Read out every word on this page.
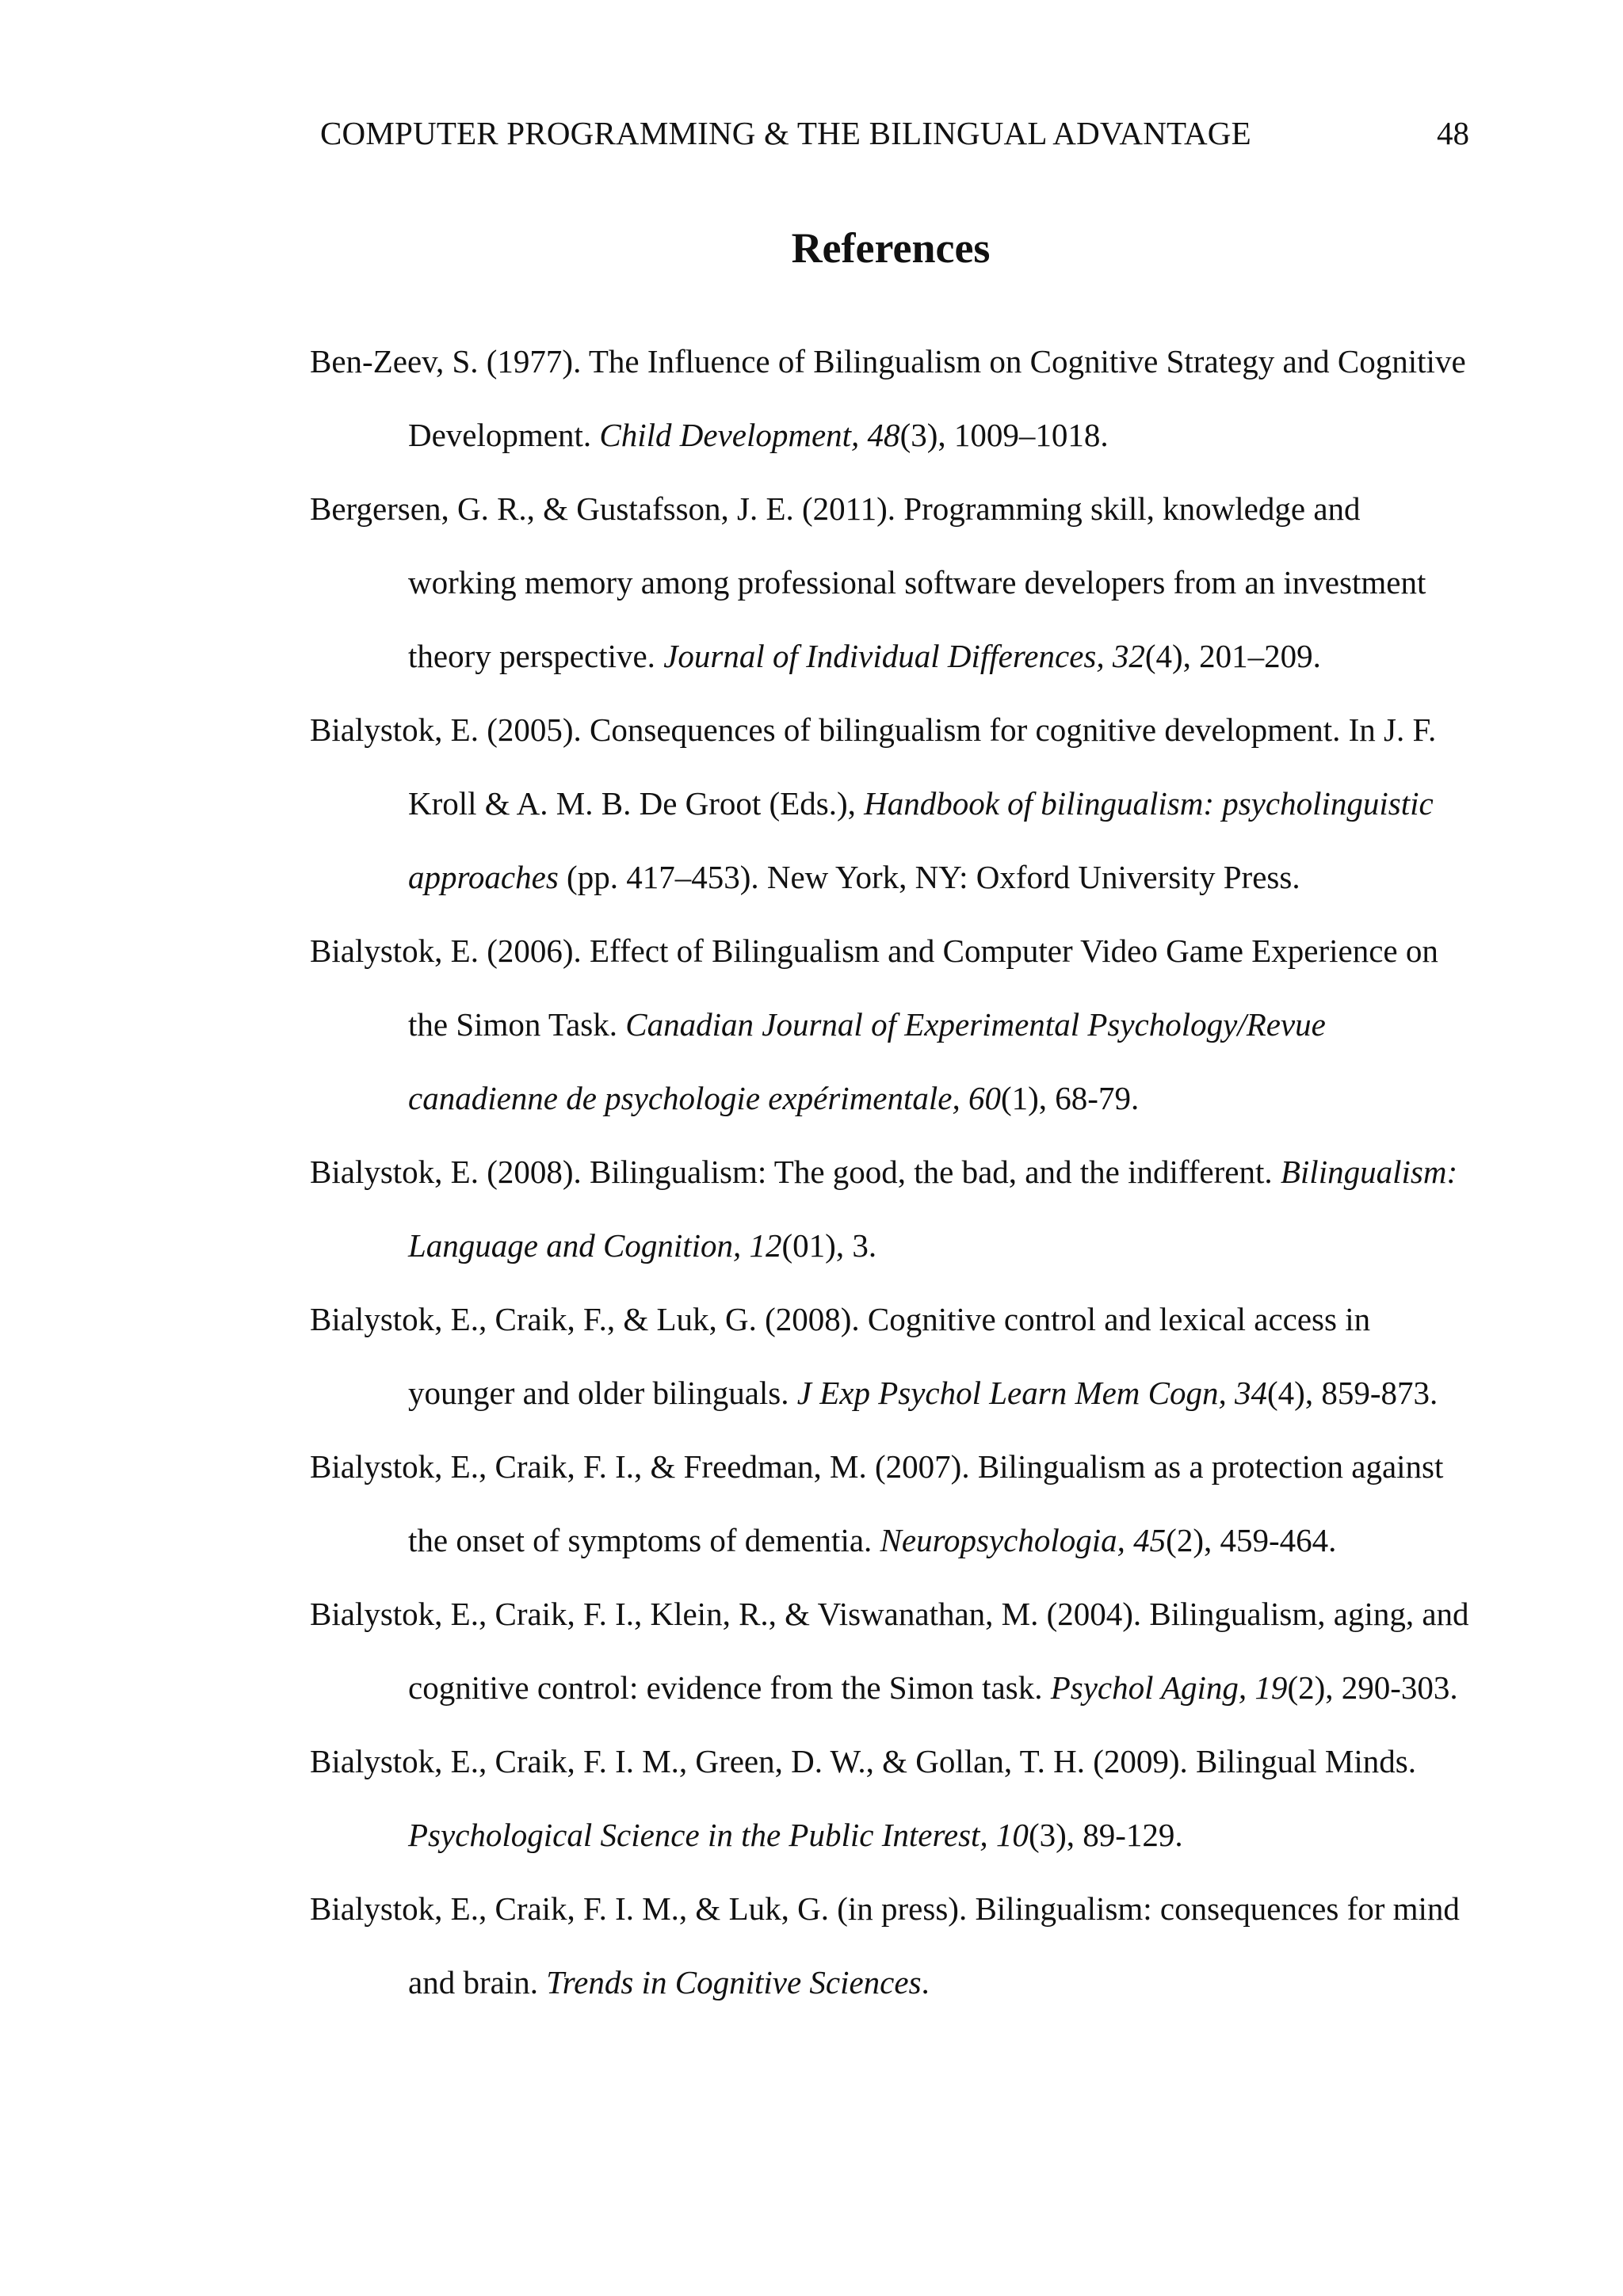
COMPUTER PROGRAMMING & THE BILINGUAL ADVANTAGE	48
References
Ben-Zeev, S. (1977). The Influence of Bilingualism on Cognitive Strategy and Cognitive Development. Child Development, 48(3), 1009–1018.
Bergersen, G. R., & Gustafsson, J. E. (2011). Programming skill, knowledge and working memory among professional software developers from an investment theory perspective. Journal of Individual Differences, 32(4), 201–209.
Bialystok, E. (2005). Consequences of bilingualism for cognitive development. In J. F. Kroll & A. M. B. De Groot (Eds.), Handbook of bilingualism: psycholinguistic approaches (pp. 417–453). New York, NY: Oxford University Press.
Bialystok, E. (2006). Effect of Bilingualism and Computer Video Game Experience on the Simon Task. Canadian Journal of Experimental Psychology/Revue canadienne de psychologie expérimentale, 60(1), 68-79.
Bialystok, E. (2008). Bilingualism: The good, the bad, and the indifferent. Bilingualism: Language and Cognition, 12(01), 3.
Bialystok, E., Craik, F., & Luk, G. (2008). Cognitive control and lexical access in younger and older bilinguals. J Exp Psychol Learn Mem Cogn, 34(4), 859-873.
Bialystok, E., Craik, F. I., & Freedman, M. (2007). Bilingualism as a protection against the onset of symptoms of dementia. Neuropsychologia, 45(2), 459-464.
Bialystok, E., Craik, F. I., Klein, R., & Viswanathan, M. (2004). Bilingualism, aging, and cognitive control: evidence from the Simon task. Psychol Aging, 19(2), 290-303.
Bialystok, E., Craik, F. I. M., Green, D. W., & Gollan, T. H. (2009). Bilingual Minds. Psychological Science in the Public Interest, 10(3), 89-129.
Bialystok, E., Craik, F. I. M., & Luk, G. (in press). Bilingualism: consequences for mind and brain. Trends in Cognitive Sciences.
